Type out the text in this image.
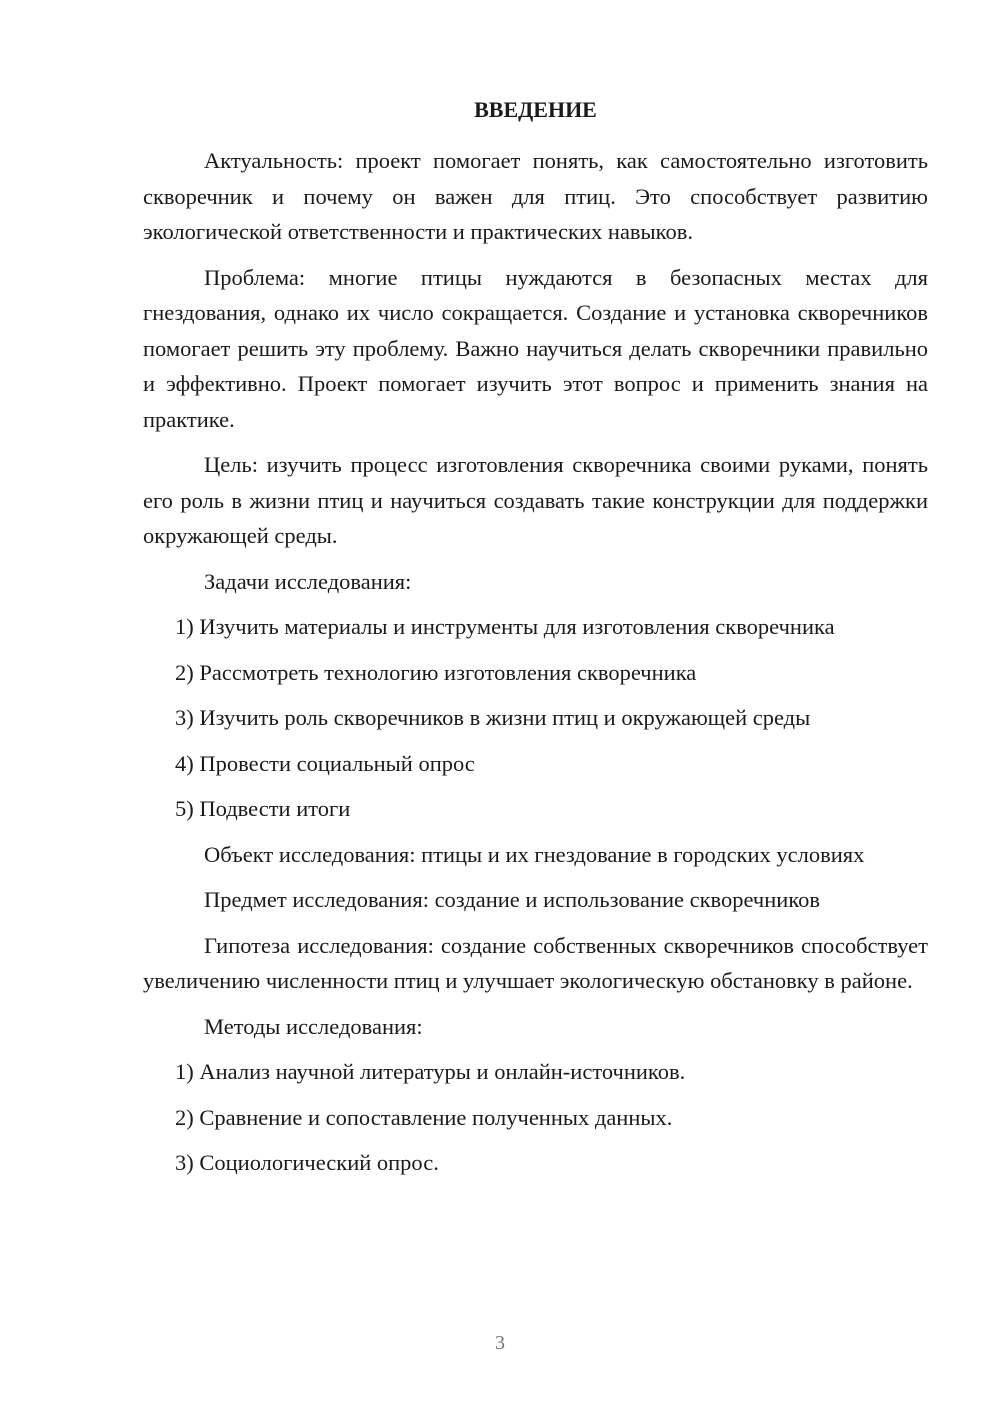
ВВЕДЕНИЕ

Актуальность: проект помогает понять, как самостоятельно изготовить скворечник и почему он важен для птиц. Это способствует развитию экологической ответственности и практических навыков.

Проблема: многие птицы нуждаются в безопасных местах для гнездования, однако их число сокращается. Создание и установка скворечников помогает решить эту проблему. Важно научиться делать скворечники правильно и эффективно. Проект помогает изучить этот вопрос и применить знания на практике.

Цель: изучить процесс изготовления скворечника своими руками, понять его роль в жизни птиц и научиться создавать такие конструкции для поддержки окружающей среды.

Задачи исследования:
1) Изучить материалы и инструменты для изготовления скворечника
2) Рассмотреть технологию изготовления скворечника
3) Изучить роль скворечников в жизни птиц и окружающей среды
4) Провести социальный опрос
5) Подвести итоги
Объект исследования: птицы и их гнездование в городских условиях
Предмет исследования: создание и использование скворечников

Гипотеза исследования: создание собственных скворечников способствует увеличению численности птиц и улучшает экологическую обстановку в районе.

Методы исследования:
1) Анализ научной литературы и онлайн-источников.
2) Сравнение и сопоставление полученных данных.
3) Социологический опрос.
3
